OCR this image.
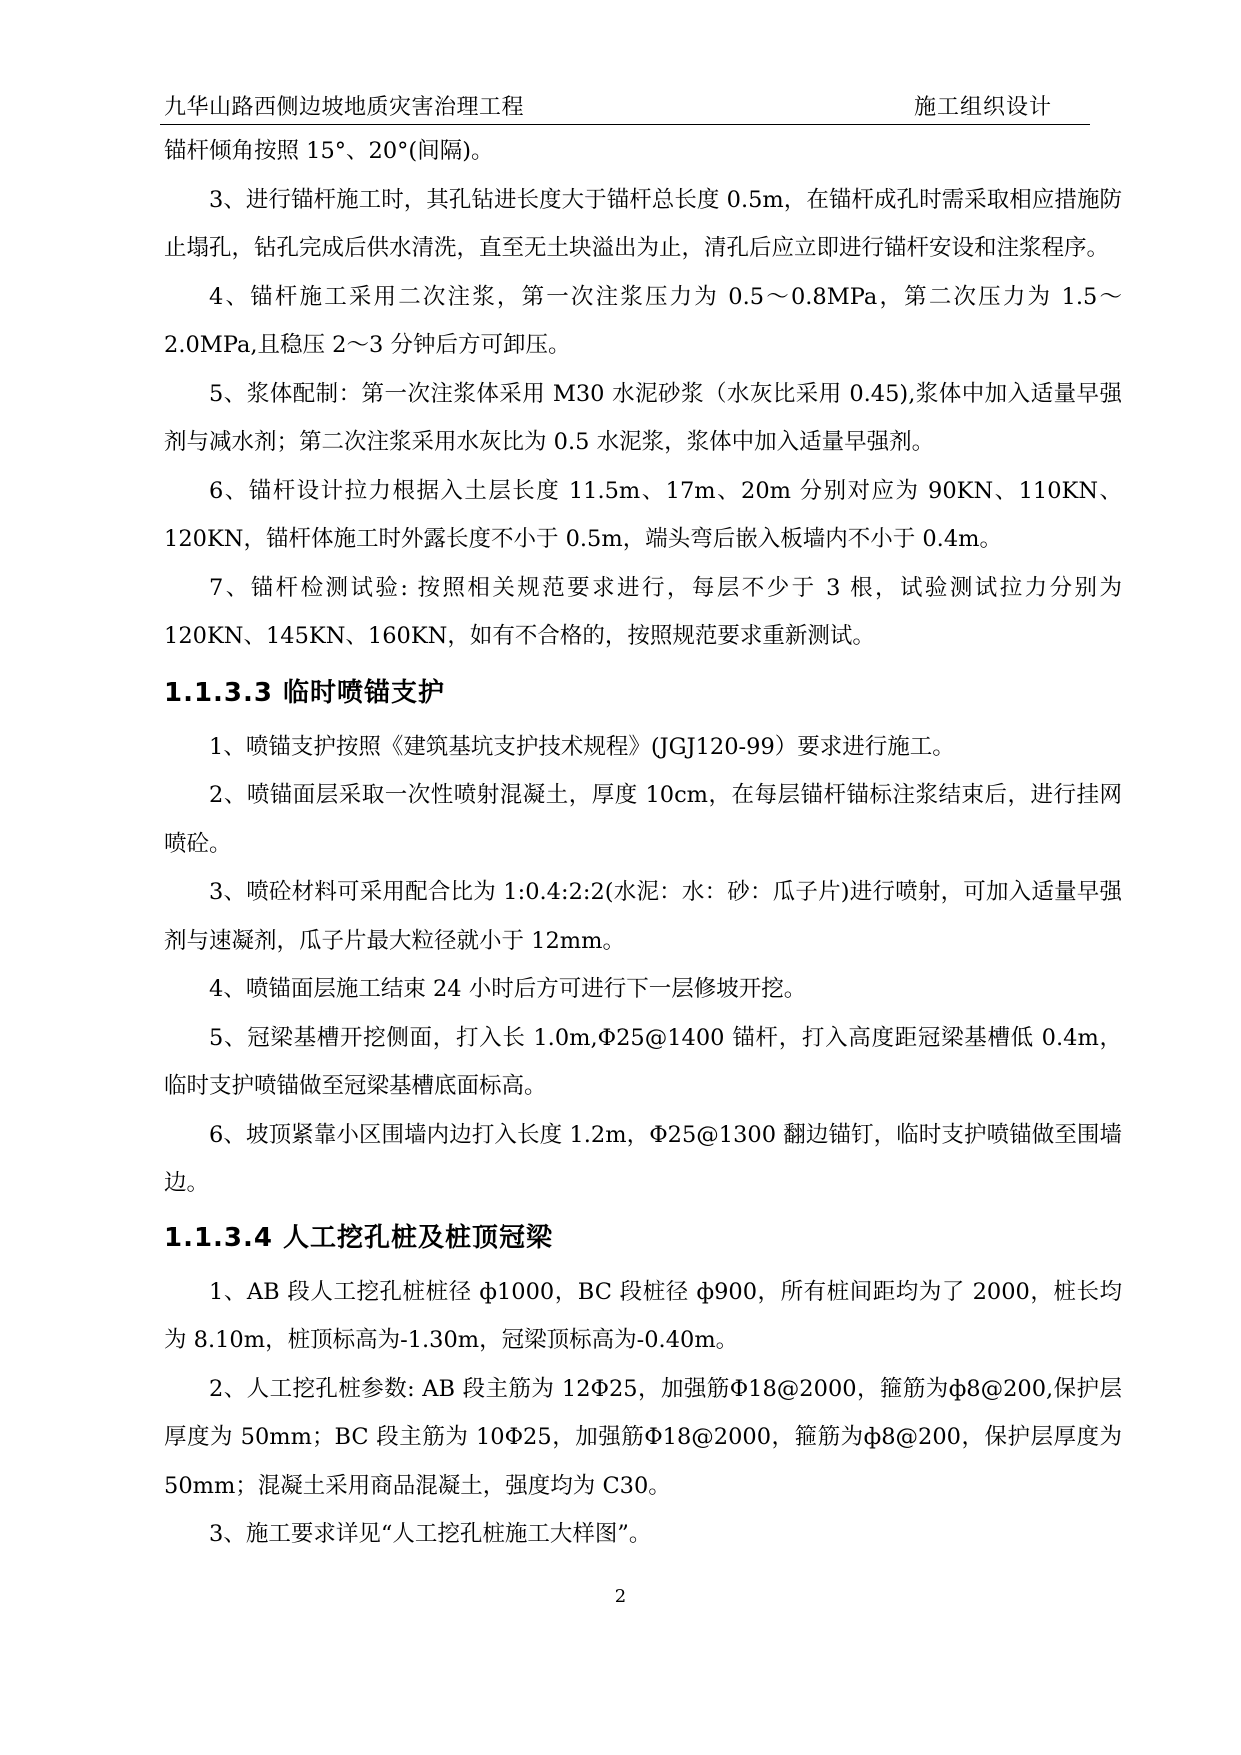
九华山路西侧边坡地质灾害治理工程	施工组织设计

锚杆倾角按照 15°、20°(间隔)。

3、进行锚杆施工时，其孔钻进长度大于锚杆总长度 0.5m，在锚杆成孔时需采取相应措施防止塌孔，钻孔完成后供水清洗，直至无土块溢出为止，清孔后应立即进行锚杆安设和注浆程序。

4、锚杆施工采用二次注浆，第一次注浆压力为 0.5～0.8MPa，第二次压力为 1.5～2.0MPa,且稳压 2～3 分钟后方可卸压。

5、浆体配制：第一次注浆体采用 M30 水泥砂浆（水灰比采用 0.45),浆体中加入适量早强剂与减水剂；第二次注浆采用水灰比为 0.5 水泥浆，浆体中加入适量早强剂。

6、锚杆设计拉力根据入土层长度 11.5m、17m、20m 分别对应为 90KN、110KN、120KN，锚杆体施工时外露长度不小于 0.5m，端头弯后嵌入板墙内不小于 0.4m。

7、锚杆检测试验: 按照相关规范要求进行，每层不少于 3 根，试验测试拉力分别为 120KN、145KN、160KN，如有不合格的，按照规范要求重新测试。

1.1.3.3 临时喷锚支护

1、喷锚支护按照《建筑基坑支护技术规程》(JGJ120-99）要求进行施工。

2、喷锚面层采取一次性喷射混凝土，厚度 10cm，在每层锚杆锚标注浆结束后，进行挂网喷砼。

3、喷砼材料可采用配合比为 1:0.4:2:2(水泥：水：砂：瓜子片)进行喷射，可加入适量早强剂与速凝剂，瓜子片最大粒径就小于 12mm。

4、喷锚面层施工结束 24 小时后方可进行下一层修坡开挖。

5、冠梁基槽开挖侧面，打入长 1.0m,Φ25@1400 锚杆，打入高度距冠梁基槽低 0.4m，临时支护喷锚做至冠梁基槽底面标高。

6、坡顶紧靠小区围墙内边打入长度 1.2m，Φ25@1300 翻边锚钉，临时支护喷锚做至围墙边。

1.1.3.4 人工挖孔桩及桩顶冠梁

1、AB 段人工挖孔桩桩径 ф1000，BC 段桩径 ф900，所有桩间距均为了 2000，桩长均为 8.10m，桩顶标高为-1.30m，冠梁顶标高为-0.40m。

2、人工挖孔桩参数: AB 段主筋为 12Φ25，加强筋Φ18@2000，箍筋为ф8@200,保护层厚度为 50mm；BC 段主筋为 10Φ25，加强筋Φ18@2000，箍筋为ф8@200，保护层厚度为 50mm；混凝土采用商品混凝土，强度均为 C30。

3、施工要求详见“人工挖孔桩施工大样图”。

2
